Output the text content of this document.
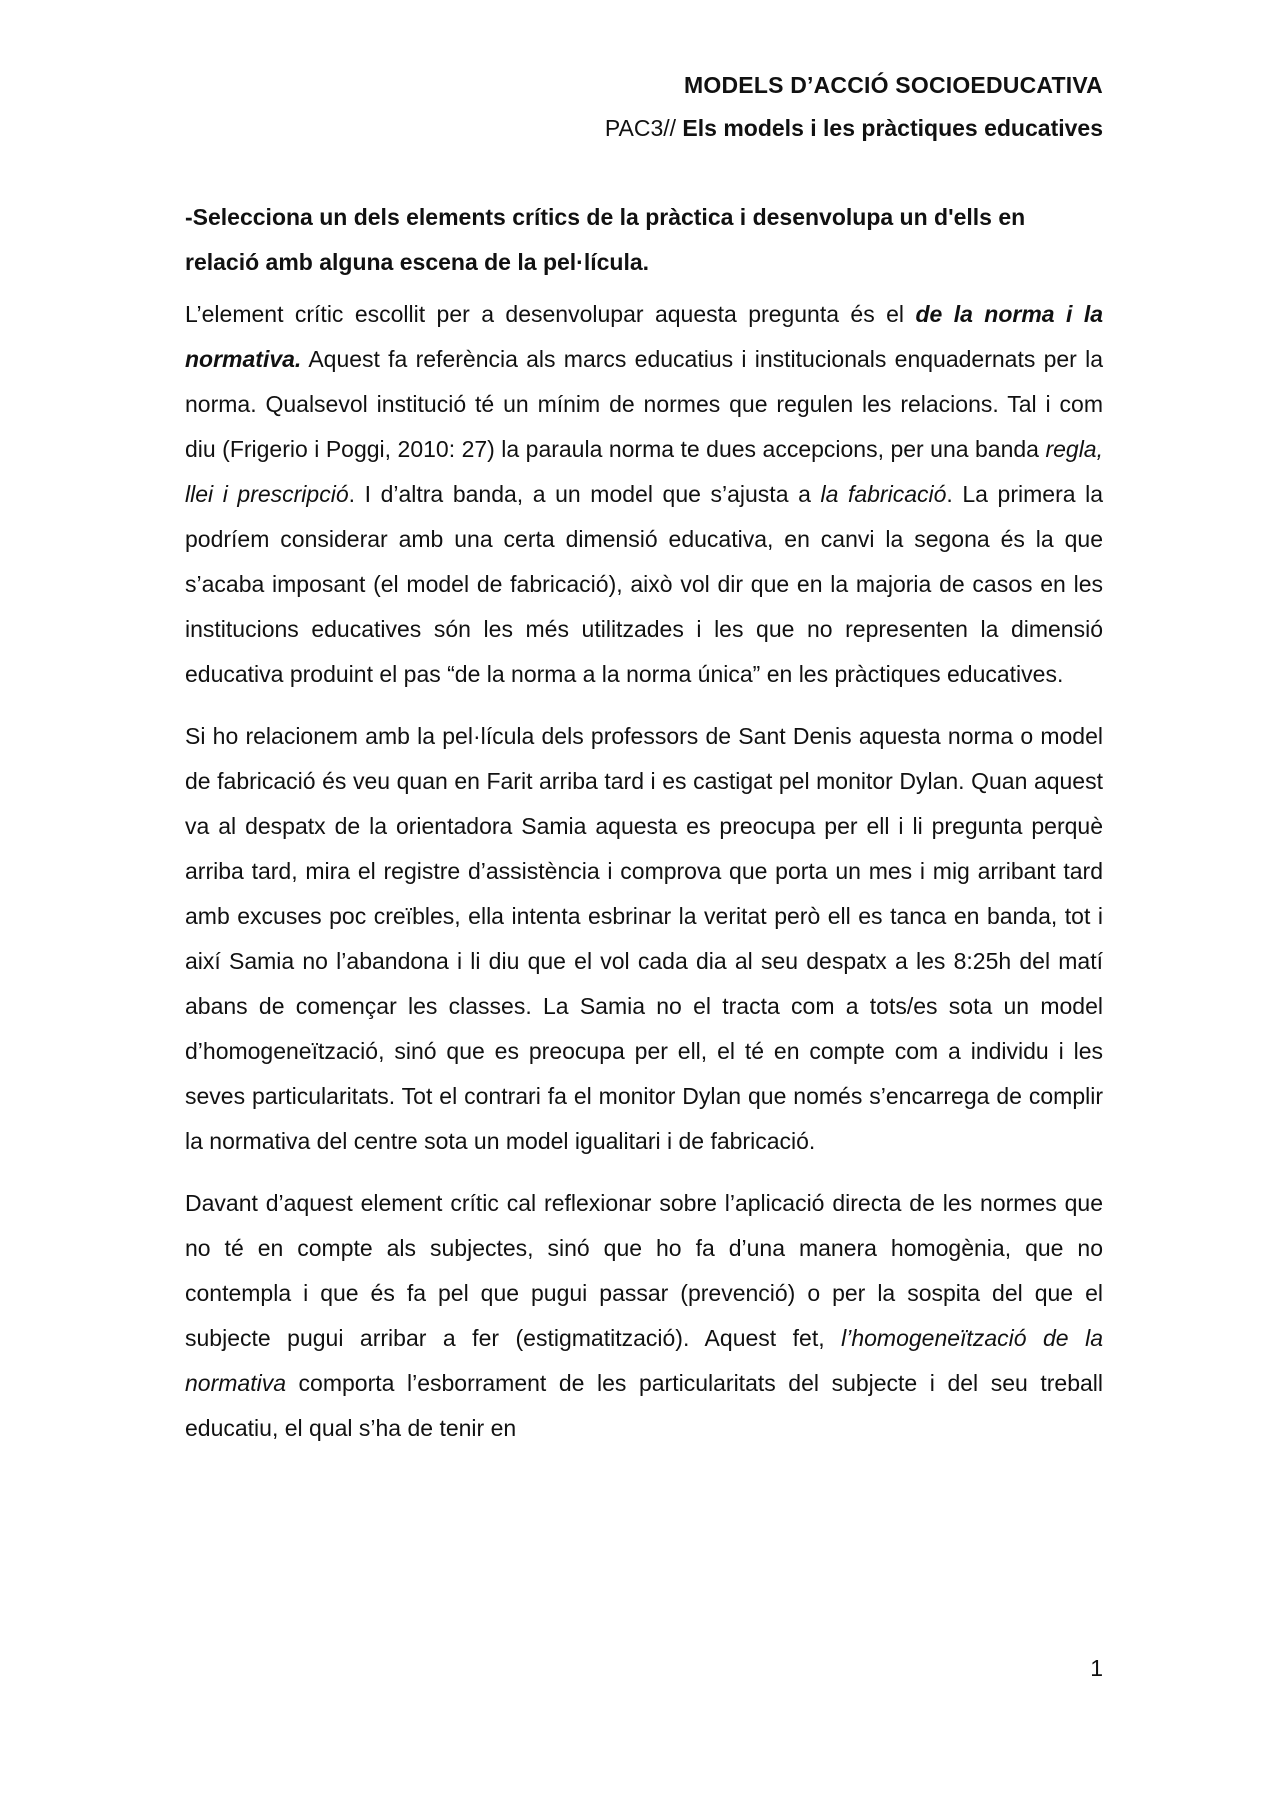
MODELS D’ACCIÓ SOCIOEDUCATIVA
PAC3// Els models i les pràctiques educatives

-Selecciona un dels elements crítics de la pràctica i desenvolupa un d'ells en relació amb alguna escena de la pel·lícula.

L’element crític escollit per a desenvolupar aquesta pregunta és el de la norma i la normativa. Aquest fa referència als marcs educatius i institucionals enquadernats per la norma. Qualsevol institució té un mínim de normes que regulen les relacions. Tal i com diu (Frigerio i Poggi, 2010: 27) la paraula norma te dues accepcions, per una banda regla, llei i prescripció. I d’altra banda, a un model que s’ajusta a la fabricació. La primera la podríem considerar amb una certa dimensió educativa, en canvi la segona és la que s’acaba imposant (el model de fabricació), això vol dir que en la majoria de casos en les institucions educatives són les més utilitzades i les que no representen la dimensió educativa produint el pas “de la norma a la norma única” en les pràctiques educatives.

Si ho relacionem amb la pel·lícula dels professors de Sant Denis aquesta norma o model de fabricació és veu quan en Farit arriba tard i es castigat pel monitor Dylan. Quan aquest va al despatx de la orientadora Samia aquesta es preocupa per ell i li pregunta perquè arriba tard, mira el registre d’assistència i comprova que porta un mes i mig arribant tard amb excuses poc creïbles, ella intenta esbrinar la veritat però ell es tanca en banda, tot i així Samia no l’abandona i li diu que el vol cada dia al seu despatx a les 8:25h del matí abans de començar les classes. La Samia no el tracta com a tots/es sota un model d’homogeneïtzació, sinó que es preocupa per ell, el té en compte com a individu i les seves particularitats. Tot el contrari fa el monitor Dylan que només s’encarrega de complir la normativa del centre sota un model igualitari i de fabricació.

Davant d’aquest element crític cal reflexionar sobre l’aplicació directa de les normes que no té en compte als subjectes, sinó que ho fa d’una manera homogènia, que no contempla i que és fa pel que pugui passar (prevenció) o per la sospita del que el subjecte pugui arribar a fer (estigmatització). Aquest fet, l’homogeneïtzació de la normativa comporta l’esborrament de les particularitats del subjecte i del seu treball educatiu, el qual s’ha de tenir en

1
